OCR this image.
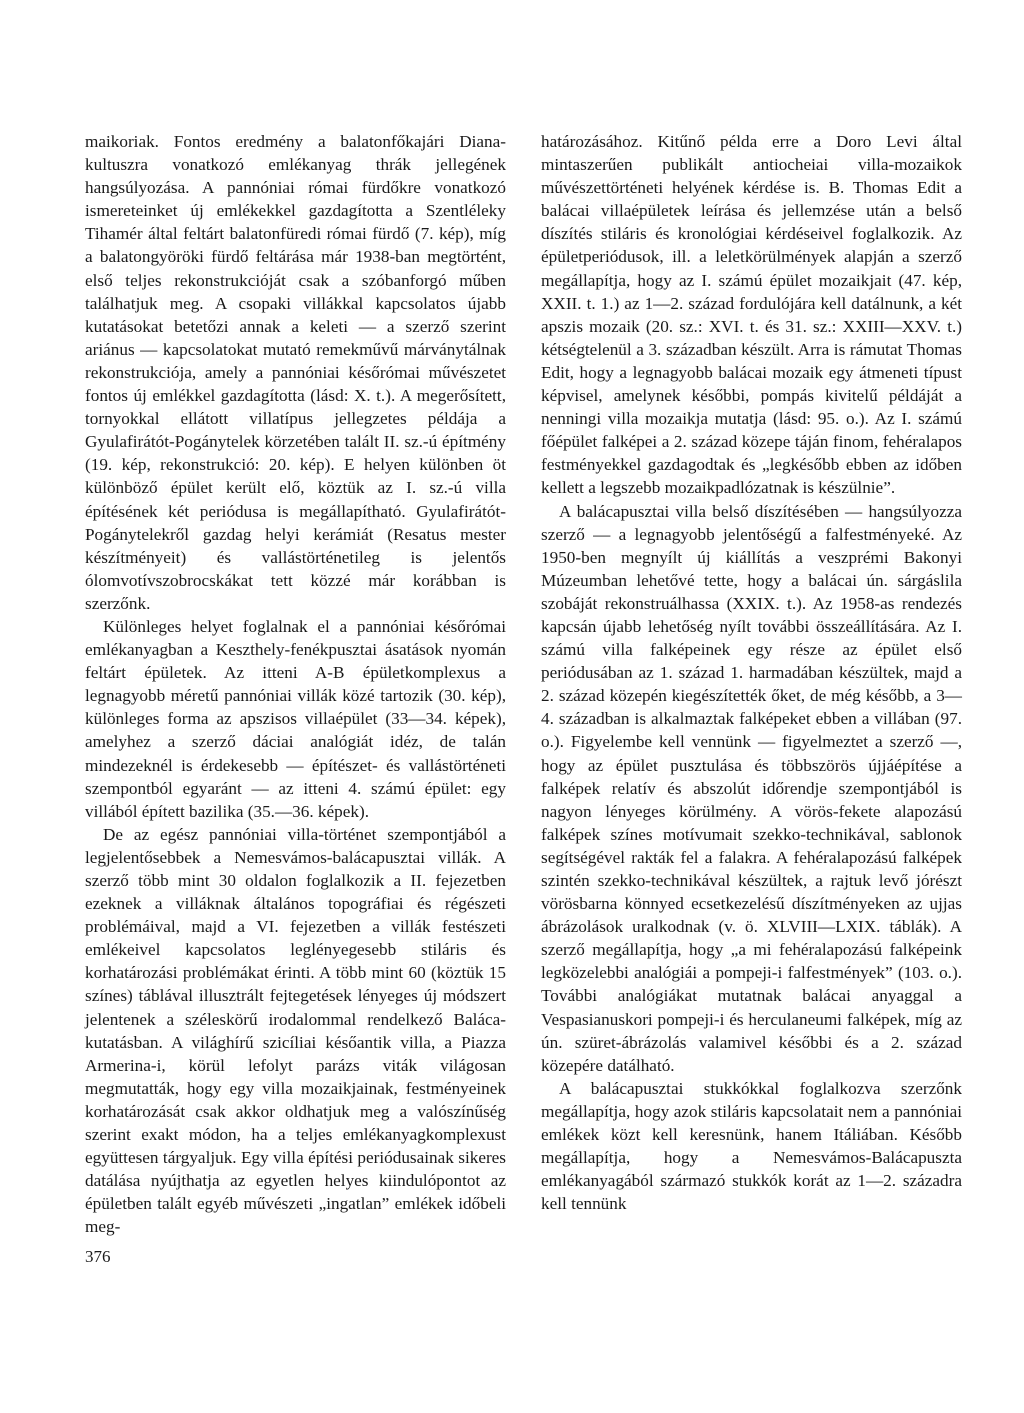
maikoriak. Fontos eredmény a balatonfőkajári Diana-kultuszra vonatkozó emlékanyag thrák jellegének hangsúlyozása. A pannóniai római fürdőkre vonatkozó ismereteinket új emlékekkel gazdagította a Szentléleky Tihamér által feltárt balatonfüredi római fürdő (7. kép), míg a balatongyöröki fürdő feltárása már 1938-ban megtörtént, első teljes rekonstrukcióját csak a szóbanforgó műben találhatjuk meg. A csopaki villákkal kapcsolatos újabb kutatásokat betetőzi annak a keleti — a szerző szerint ariánus — kapcsolatokat mutató remekművű márványtálnak rekonstrukciója, amely a pannóniai későrómai művészetet fontos új emlékkel gazdagította (lásd: X. t.). A megerősített, tornyokkal ellátott villatípus jellegzetes példája a Gyulafirátót-Pogánytelek körzetében talált II. sz.-ú építmény (19. kép, rekonstrukció: 20. kép). E helyen különben öt különböző épület került elő, köztük az I. sz.-ú villa építésének két periódusa is megállapítható. Gyulafirátót-Pogánytelekről gazdag helyi kerámiát (Resatus mester készítményeit) és vallástörténetileg is jelentős ólomvotívszobrocskákat tett közzé már korábban is szerzőnk.

Különleges helyet foglalnak el a pannóniai későrómai emlékanyagban a Keszthely-fenékpusztai ásatások nyomán feltárt épületek. Az itteni A-B épületkomplexus a legnagyobb méretű pannóniai villák közé tartozik (30. kép), különleges forma az apszisos villaépület (33—34. képek), amelyhez a szerző dáciai analógiát idéz, de talán mindezeknél is érdekesebb — építészet- és vallástörténeti szempontból egyaránt — az itteni 4. számú épület: egy villából épített bazilika (35.—36. képek).

De az egész pannóniai villa-történet szempontjából a legjelentősebbek a Nemesvámos-balácapusztai villák. A szerző több mint 30 oldalon foglalkozik a II. fejezetben ezeknek a villáknak általános topográfiai és régészeti problémáival, majd a VI. fejezetben a villák festészeti emlékeivel kapcsolatos leglényegesebb stiláris és korhatározási problémákat érinti. A több mint 60 (köztük 15 színes) táblával illusztrált fejtegetések lényeges új módszert jelentenek a széleskörű irodalommal rendelkező Baláca-kutatásban. A világhírű szicíliai későantik villa, a Piazza Armerina-i, körül lefolyt parázs viták világosan megmutatták, hogy egy villa mozaikjainak, festményeinek korhatározását csak akkor oldhatjuk meg a valószínűség szerint exakt módon, ha a teljes emlékanyagkomplexust együttesen tárgyaljuk. Egy villa építési periódusainak sikeres datálása nyújthatja az egyetlen helyes kiindulópontot az épületben talált egyéb művészeti „ingatlan” emlékek időbeli meg-

határozásához. Kitűnő példa erre a Doro Levi által mintaszerűen publikált antiocheiai villa-mozaikok művészettörténeti helyének kérdése is. B. Thomas Edit a balácai villaépületek leírása és jellemzése után a belső díszítés stiláris és kronológiai kérdéseivel foglalkozik. Az épületperiódusok, ill. a leletkörülmények alapján a szerző megállapítja, hogy az I. számú épület mozaikjait (47. kép, XXII. t. 1.) az 1—2. század fordulójára kell datálnunk, a két apszis mozaik (20. sz.: XVI. t. és 31. sz.: XXIII—XXV. t.) kétségtelenül a 3. században készült. Arra is rámutat Thomas Edit, hogy a legnagyobb balácai mozaik egy átmeneti típust képvisel, amelynek későbbi, pompás kivitelű példáját a nenningi villa mozaikja mutatja (lásd: 95. o.). Az I. számú főépület falképei a 2. század közepe táján finom, fehéralapos festményekkel gazdagodtak és „legkésőbb ebben az időben kellett a legszebb mozaikpadlózatnak is készülnie”.

A balácapusztai villa belső díszítésében — hangsúlyozza szerző — a legnagyobb jelentőségű a falfestményeké. Az 1950-ben megnyílt új kiállítás a veszprémi Bakonyi Múzeumban lehetővé tette, hogy a balácai ún. sárgáslila szobáját rekonstruálhassa (XXIX. t.). Az 1958-as rendezés kapcsán újabb lehetőség nyílt további összeállítására. Az I. számú villa falképeinek egy része az épület első periódusában az 1. század 1. harmadában készültek, majd a 2. század közepén kiegészítették őket, de még később, a 3—4. században is alkalmaztak falképeket ebben a villában (97. o.). Figyelembe kell vennünk — figyelmeztet a szerző —, hogy az épület pusztulása és többszörös újjáépítése a falképek relatív és abszolút időrendje szempontjából is nagyon lényeges körülmény. A vörös-fekete alapozású falképek színes motívumait szekko-technikával, sablonok segítségével rakták fel a falakra. A fehéralapozású falképek szintén szekko-technikával készültek, a rajtuk levő jórészt vörösbarna könnyed ecsetkezelésű díszítményeken az ujjas ábrázolások uralkodnak (v. ö. XLVIII—LXIX. táblák). A szerző megállapítja, hogy „a mi fehéralapozású falképeink legközelebbi analógiái a pompeji-i falfestmények” (103. o.). További analógiákat mutatnak balácai anyaggal a Vespasianuskori pompeji-i és herculaneumi falképek, míg az ún. szüret-ábrázolás valamivel későbbi és a 2. század közepére datálható.

A balácapusztai stukkókkal foglalkozva szerzőnk megállapítja, hogy azok stiláris kapcsolatait nem a pannóniai emlékek közt kell keresnünk, hanem Itáliában. Később megállapítja, hogy a Nemesvámos-Balácapuszta emlékanyagából származó stukkók korát az 1—2. századra kell tennünk

376
